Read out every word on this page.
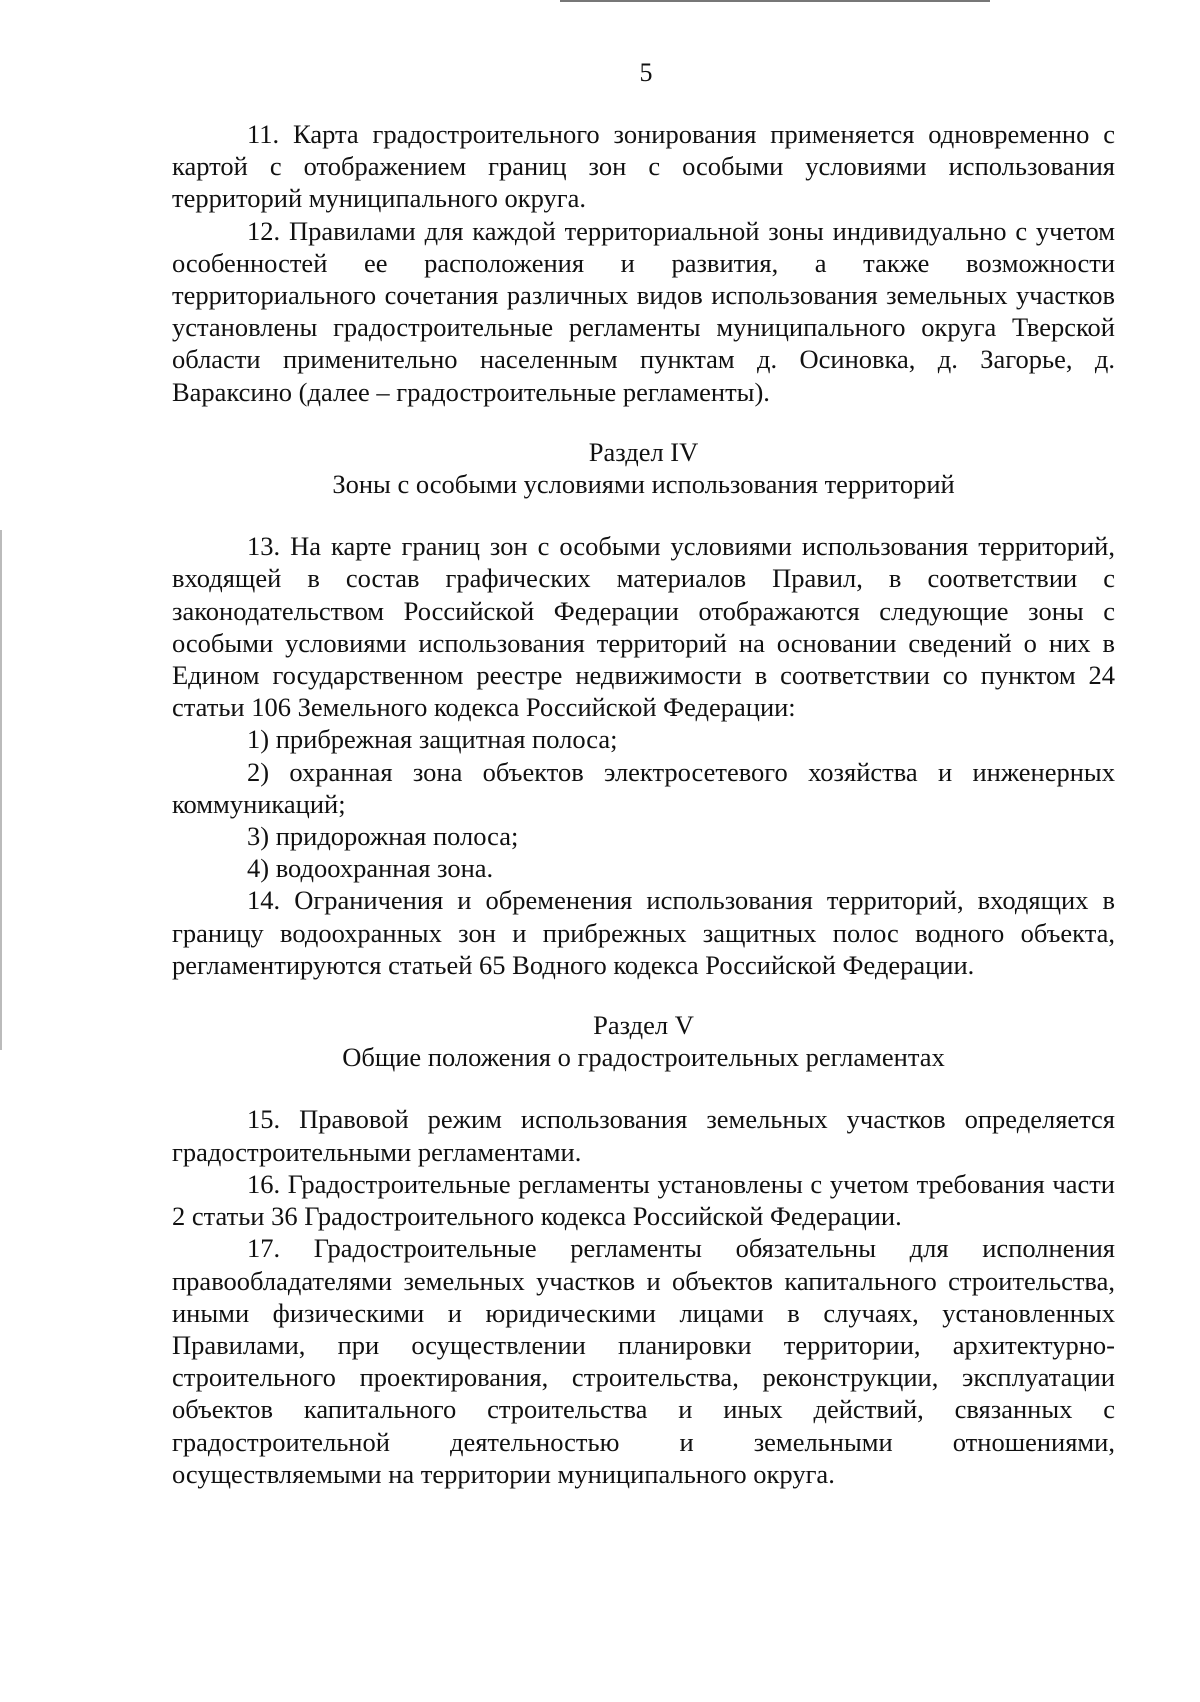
5

11. Карта градостроительного зонирования применяется одновременно с картой с отображением границ зон с особыми условиями использования территорий муниципального округа.

12. Правилами для каждой территориальной зоны индивидуально с учетом особенностей ее расположения и развития, а также возможности территориального сочетания различных видов использования земельных участков установлены градостроительные регламенты муниципального округа Тверской области применительно населенным пунктам д. Осиновка, д. Загорье, д. Вараксино (далее – градостроительные регламенты).

Раздел IV

Зоны с особыми условиями использования территорий

13. На карте границ зон с особыми условиями использования территорий, входящей в состав графических материалов Правил, в соответствии с законодательством Российской Федерации отображаются следующие зоны с особыми условиями использования территорий на основании сведений о них в Едином государственном реестре недвижимости в соответствии со пунктом 24 статьи 106 Земельного кодекса Российской Федерации:

1) прибрежная защитная полоса;

2) охранная зона объектов электросетевого хозяйства и инженерных коммуникаций;

3) придорожная полоса;

4) водоохранная зона.

14. Ограничения и обременения использования территорий, входящих в границу водоохранных зон и прибрежных защитных полос водного объекта, регламентируются статьей 65 Водного кодекса Российской Федерации.

Раздел V

Общие положения о градостроительных регламентах

15. Правовой режим использования земельных участков определяется градостроительными регламентами.

16. Градостроительные регламенты установлены с учетом требования части 2 статьи 36 Градостроительного кодекса Российской Федерации.

17. Градостроительные регламенты обязательны для исполнения правообладателями земельных участков и объектов капитального строительства, иными физическими и юридическими лицами в случаях, установленных Правилами, при осуществлении планировки территории, архитектурно-строительного проектирования, строительства, реконструкции, эксплуатации объектов капитального строительства и иных действий, связанных с градостроительной деятельностью и земельными отношениями, осуществляемыми на территории муниципального округа.
